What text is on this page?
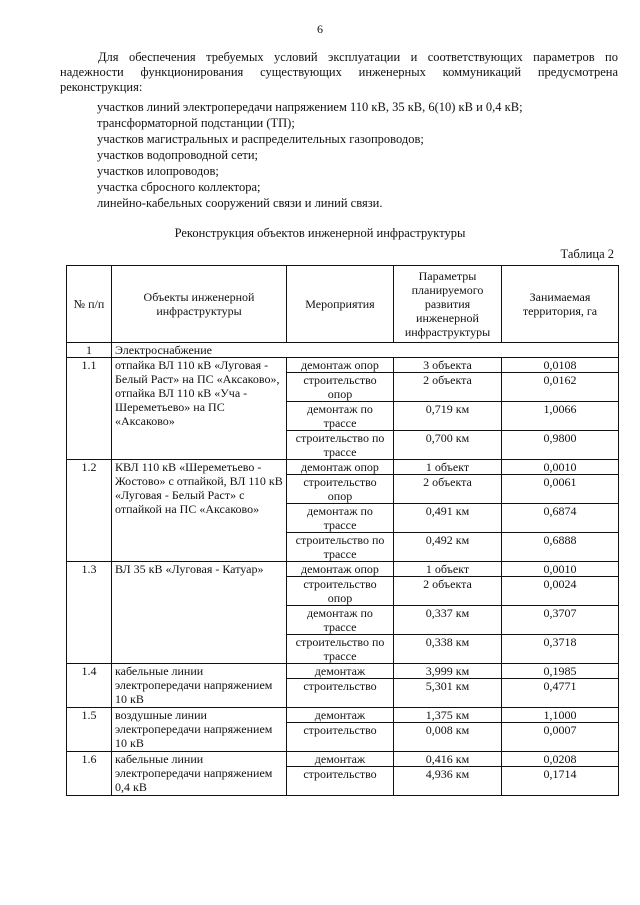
6

Для обеспечения требуемых условий эксплуатации и соответствующих параметров по надежности функционирования существующих инженерных коммуникаций предусмотрена реконструкция:

участков линий электропередачи напряжением 110 кВ, 35 кВ, 6(10) кВ и 0,4 кВ;
трансформаторной подстанции (ТП);
участков магистральных и распределительных газопроводов;
участков водопроводной сети;
участков илопроводов;
участка сбросного коллектора;
линейно-кабельных сооружений связи и линий связи.
Реконструкция объектов инженерной инфраструктуры
Таблица 2
№ п/п	Объекты инженерной инфраструктуры	Мероприятия	Параметры планируемого развития инженерной инфраструктуры	Занимаемая территория, га
1	Электроснабжение			
1.1	отпайка ВЛ 110 кВ «Луговая - Белый Раст» на ПС «Аксаково», отпайка ВЛ 110 кВ «Уча - Шереметьево» на ПС «Аксаково»	демонтаж опор	3 объекта	0,0108
		строительство опор	2 объекта	0,0162
		демонтаж по трассе	0,719 км	1,0066
		строительство по трассе	0,700 км	0,9800
1.2	КВЛ 110 кВ «Шереметьево - Жостово» с отпайкой, ВЛ 110 кВ «Луговая - Белый Раст» с отпайкой на ПС «Аксаково»	демонтаж опор	1 объект	0,0010
		строительство опор	2 объекта	0,0061
		демонтаж по трассе	0,491 км	0,6874
		строительство по трассе	0,492 км	0,6888
1.3	ВЛ 35 кВ «Луговая - Катуар»	демонтаж опор	1 объект	0,0010
		строительство опор	2 объекта	0,0024
		демонтаж по трассе	0,337 км	0,3707
		строительство по трассе	0,338 км	0,3718
1.4	кабельные линии электропередачи напряжением 10 кВ	демонтаж	3,999 км	0,1985
		строительство	5,301 км	0,4771
1.5	воздушные линии электропередачи напряжением 10 кВ	демонтаж	1,375 км	1,1000
		строительство	0,008 км	0,0007
1.6	кабельные линии электропередачи напряжением 0,4 кВ	демонтаж	0,416 км	0,0208
		строительство	4,936 км	0,1714
